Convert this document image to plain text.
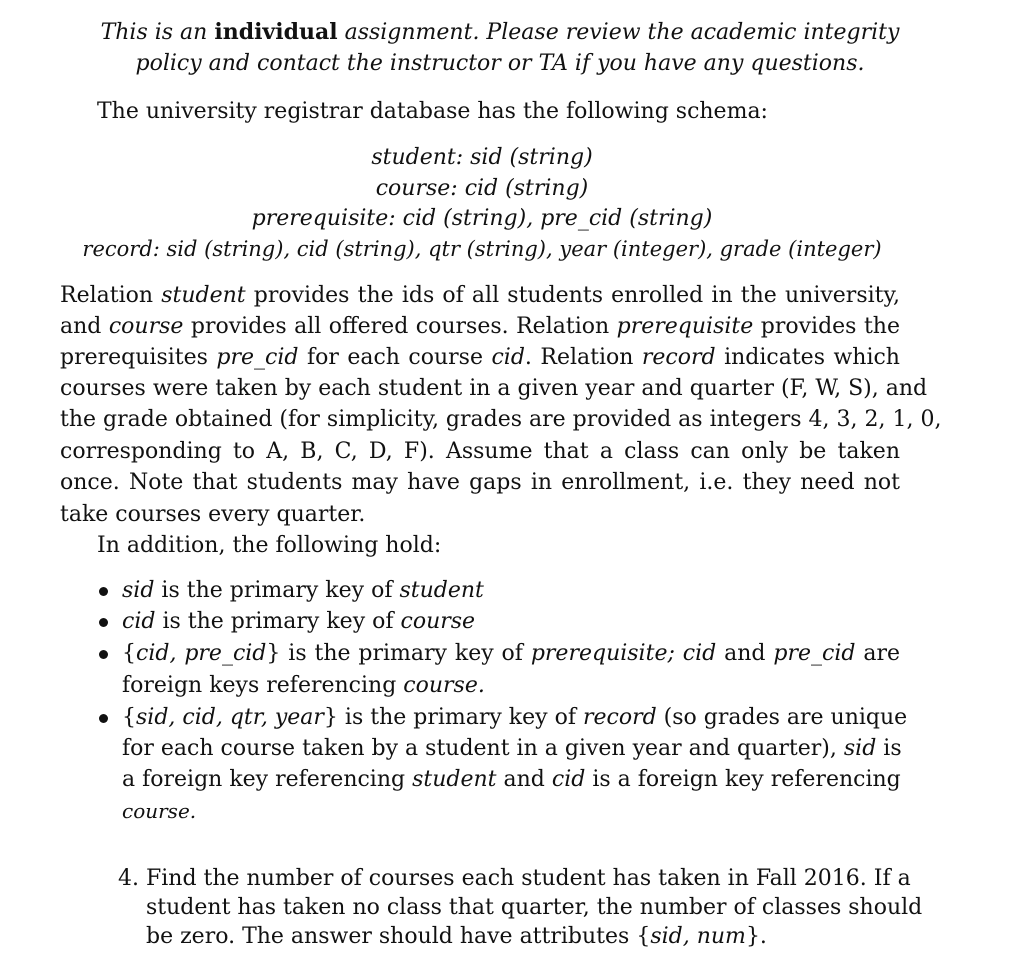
This is an individual assignment. Please review the academic integrity
policy and contact the instructor or TA if you have any questions.
The university registrar database has the following schema:
student: sid (string)
course: cid (string)
prerequisite: cid (string), pre_cid (string)
record: sid (string), cid (string), qtr (string), year (integer), grade (integer)
Relation student provides the ids of all students enrolled in the university,
and course provides all offered courses. Relation prerequisite provides the
prerequisites pre_cid for each course cid. Relation record indicates which
courses were taken by each student in a given year and quarter (F, W, S), and
the grade obtained (for simplicity, grades are provided as integers 4, 3, 2, 1, 0,
corresponding to A, B, C, D, F). Assume that a class can only be taken
once. Note that students may have gaps in enrollment, i.e. they need not
take courses every quarter.
In addition, the following hold:
sid is the primary key of student
cid is the primary key of course
{cid, pre_cid} is the primary key of prerequisite; cid and pre_cid are
foreign keys referencing course.
{sid, cid, qtr, year} is the primary key of record (so grades are unique
for each course taken by a student in a given year and quarter), sid is
a foreign key referencing student and cid is a foreign key referencing
course.
4. Find the number of courses each student has taken in Fall 2016. If a
student has taken no class that quarter, the number of classes should
be zero. The answer should have attributes {sid, num}.
